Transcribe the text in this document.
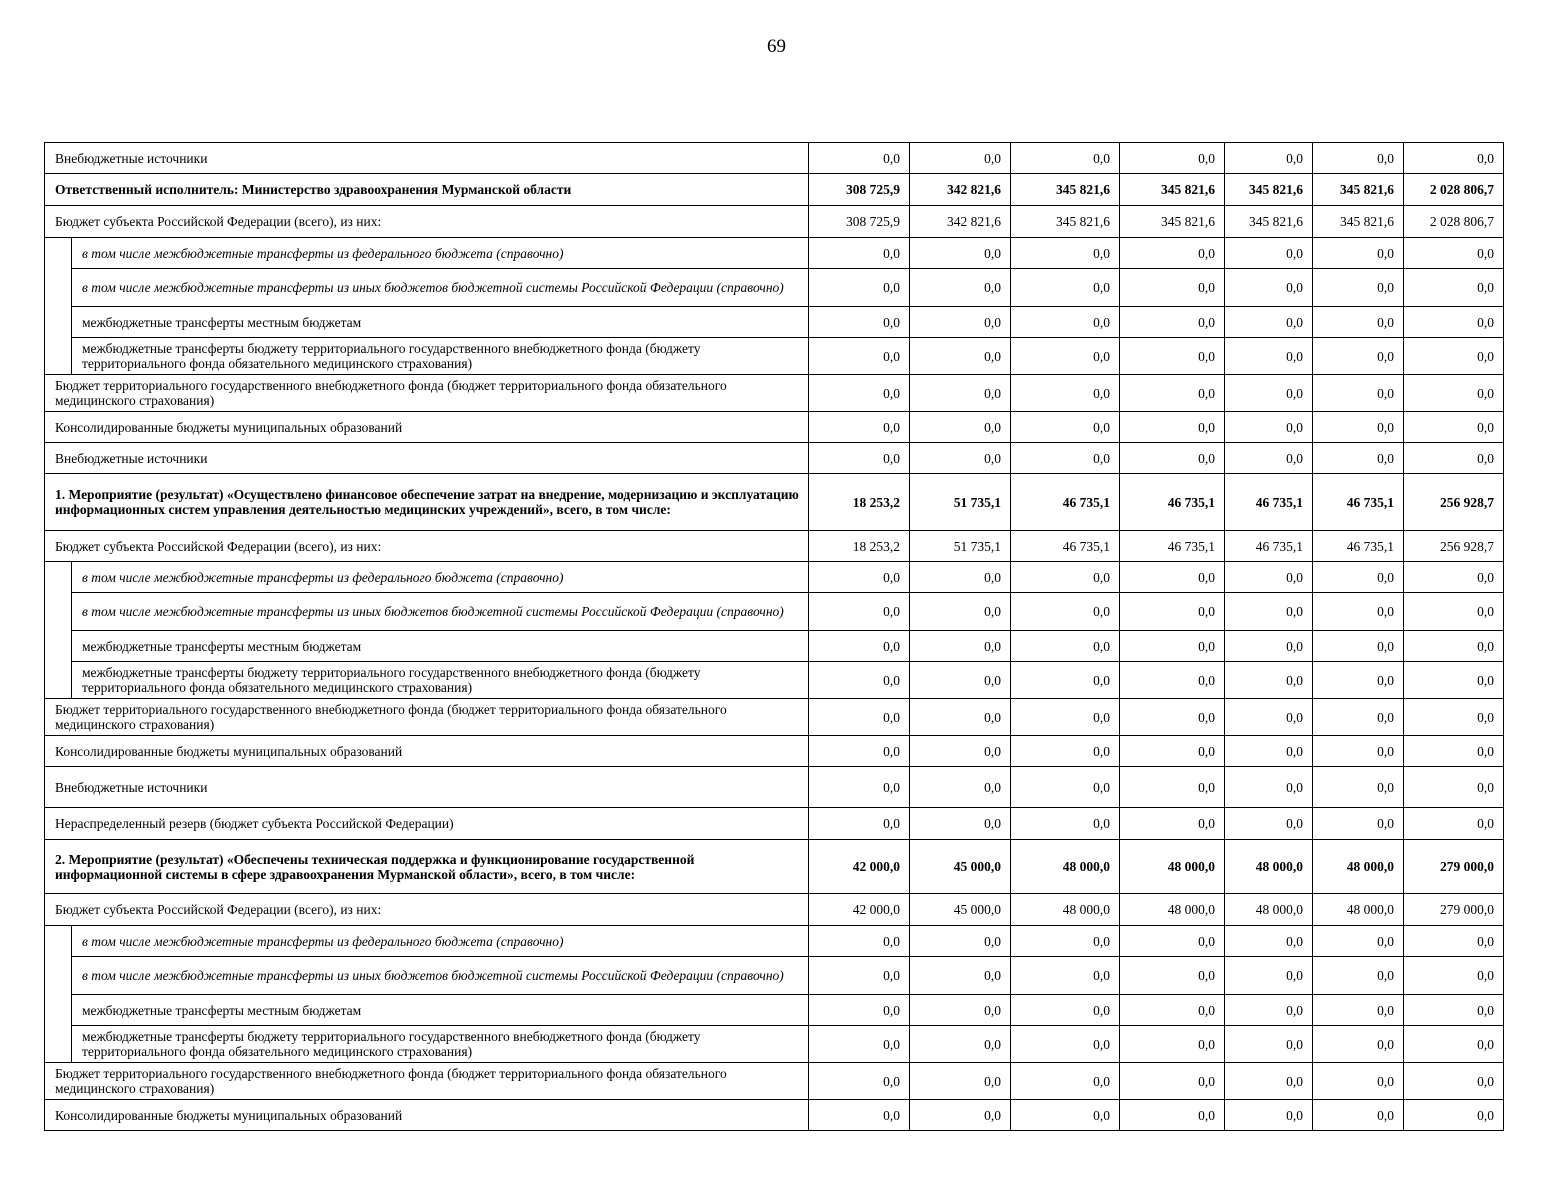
69
Внебюджетные источники		0,0	0,0	0,0	0,0	0,0	0,0	0,0
Ответственный исполнитель: Министерство здравоохранения Мурманской области		308 725,9	342 821,6	345 821,6	345 821,6	345 821,6	345 821,6	2 028 806,7
Бюджет субъекта Российской Федерации (всего), из них:		308 725,9	342 821,6	345 821,6	345 821,6	345 821,6	345 821,6	2 028 806,7
	в том числе межбюджетные трансферты из федерального бюджета (справочно)	0,0	0,0	0,0	0,0	0,0	0,0	0,0
	в том числе межбюджетные трансферты из иных бюджетов бюджетной системы Российской Федерации (справочно)	0,0	0,0	0,0	0,0	0,0	0,0	0,0
	межбюджетные трансферты местным бюджетам	0,0	0,0	0,0	0,0	0,0	0,0	0,0
	межбюджетные трансферты бюджету территориального государственного внебюджетного фонда (бюджету территориального фонда обязательного медицинского страхования)	0,0	0,0	0,0	0,0	0,0	0,0	0,0
Бюджет территориального государственного внебюджетного фонда (бюджет территориального фонда обязательного медицинского страхования)		0,0	0,0	0,0	0,0	0,0	0,0	0,0
Консолидированные бюджеты муниципальных образований		0,0	0,0	0,0	0,0	0,0	0,0	0,0
Внебюджетные источники		0,0	0,0	0,0	0,0	0,0	0,0	0,0
1. Мероприятие (результат) «Осуществлено финансовое обеспечение затрат на внедрение, модернизацию и эксплуатацию информационных систем управления деятельностью медицинских учреждений», всего, в том числе:		18 253,2	51 735,1	46 735,1	46 735,1	46 735,1	46 735,1	256 928,7
Бюджет субъекта Российской Федерации (всего), из них:		18 253,2	51 735,1	46 735,1	46 735,1	46 735,1	46 735,1	256 928,7
	в том числе межбюджетные трансферты из федерального бюджета (справочно)	0,0	0,0	0,0	0,0	0,0	0,0	0,0
	в том числе межбюджетные трансферты из иных бюджетов бюджетной системы Российской Федерации (справочно)	0,0	0,0	0,0	0,0	0,0	0,0	0,0
	межбюджетные трансферты местным бюджетам	0,0	0,0	0,0	0,0	0,0	0,0	0,0
	межбюджетные трансферты бюджету территориального государственного внебюджетного фонда (бюджету территориального фонда обязательного медицинского страхования)	0,0	0,0	0,0	0,0	0,0	0,0	0,0
Бюджет территориального государственного внебюджетного фонда (бюджет территориального фонда обязательного медицинского страхования)		0,0	0,0	0,0	0,0	0,0	0,0	0,0
Консолидированные бюджеты муниципальных образований		0,0	0,0	0,0	0,0	0,0	0,0	0,0
Внебюджетные источники		0,0	0,0	0,0	0,0	0,0	0,0	0,0
Нераспределенный резерв (бюджет субъекта Российской Федерации)		0,0	0,0	0,0	0,0	0,0	0,0	0,0
2. Мероприятие (результат) «Обеспечены техническая поддержка и функционирование государственной информационной системы в сфере здравоохранения Мурманской области», всего, в том числе:		42 000,0	45 000,0	48 000,0	48 000,0	48 000,0	48 000,0	279 000,0
Бюджет субъекта Российской Федерации (всего), из них:		42 000,0	45 000,0	48 000,0	48 000,0	48 000,0	48 000,0	279 000,0
	в том числе межбюджетные трансферты из федерального бюджета (справочно)	0,0	0,0	0,0	0,0	0,0	0,0	0,0
	в том числе межбюджетные трансферты из иных бюджетов бюджетной системы Российской Федерации (справочно)	0,0	0,0	0,0	0,0	0,0	0,0	0,0
	межбюджетные трансферты местным бюджетам	0,0	0,0	0,0	0,0	0,0	0,0	0,0
	межбюджетные трансферты бюджету территориального государственного внебюджетного фонда (бюджету территориального фонда обязательного медицинского страхования)	0,0	0,0	0,0	0,0	0,0	0,0	0,0
Бюджет территориального государственного внебюджетного фонда (бюджет территориального фонда обязательного медицинского страхования)		0,0	0,0	0,0	0,0	0,0	0,0	0,0
Консолидированные бюджеты муниципальных образований		0,0	0,0	0,0	0,0	0,0	0,0	0,0
